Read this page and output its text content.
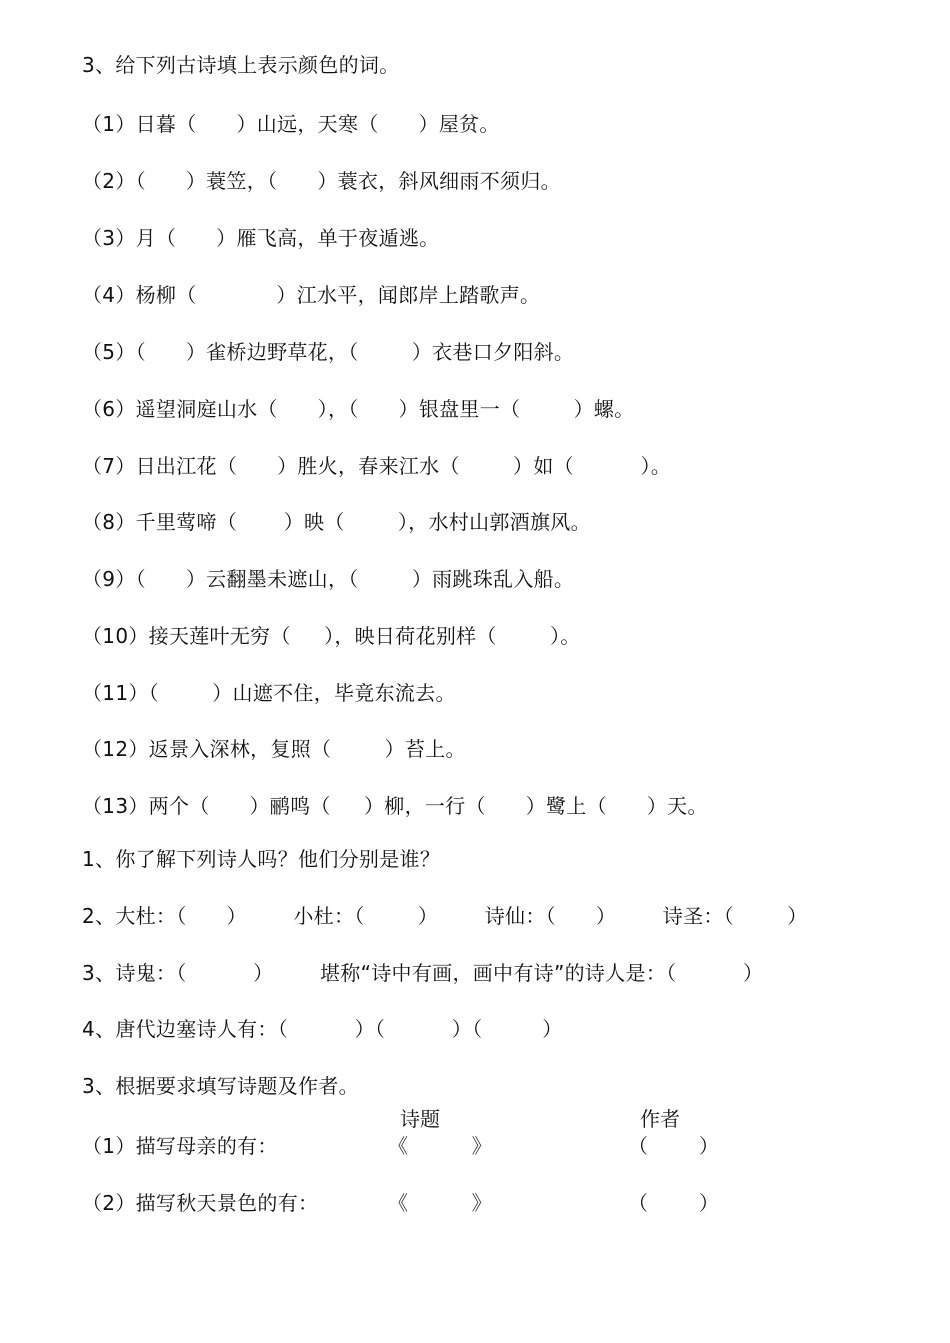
3、给下列古诗填上表示颜色的词。
（1）日暮（      ）山远，天寒（      ）屋贫。
（2）（      ）蓑笠，（      ）蓑衣，斜风细雨不须归。
（3）月（      ）雁飞高，单于夜遁逃。
（4）杨柳（            ）江水平，闻郎岸上踏歌声。
（5）（      ）雀桥边野草花，（        ）衣巷口夕阳斜。
（6）遥望洞庭山水（      ），（      ）银盘里一（        ）螺。
（7）日出江花（      ）胜火，春来江水（        ）如（          ）。
（8）千里莺啼（       ）映（        ），水村山郭酒旗风。
（9）（      ）云翻墨未遮山，（        ）雨跳珠乱入船。
（10）接天莲叶无穷（     ），映日荷花别样（        ）。
（11）（        ）山遮不住，毕竟东流去。
（12）返景入深林，复照（        ）苔上。
（13）两个（      ）鹂鸣（     ）柳，一行（      ）鹭上（      ）天。
1、你了解下列诗人吗？他们分别是谁？
2、大杜：（      ）       小杜：（        ）       诗仙：（      ）       诗圣：（        ）
3、诗鬼：（          ）       堪称“诗中有画，画中有诗”的诗人是：（          ）
4、唐代边塞诗人有：（          ）（          ）（         ）
3、根据要求填写诗题及作者。
诗题	作者
（1）描写母亲的有：	《          》	（        ）
（2）描写秋天景色的有：	《          》	（        ）
